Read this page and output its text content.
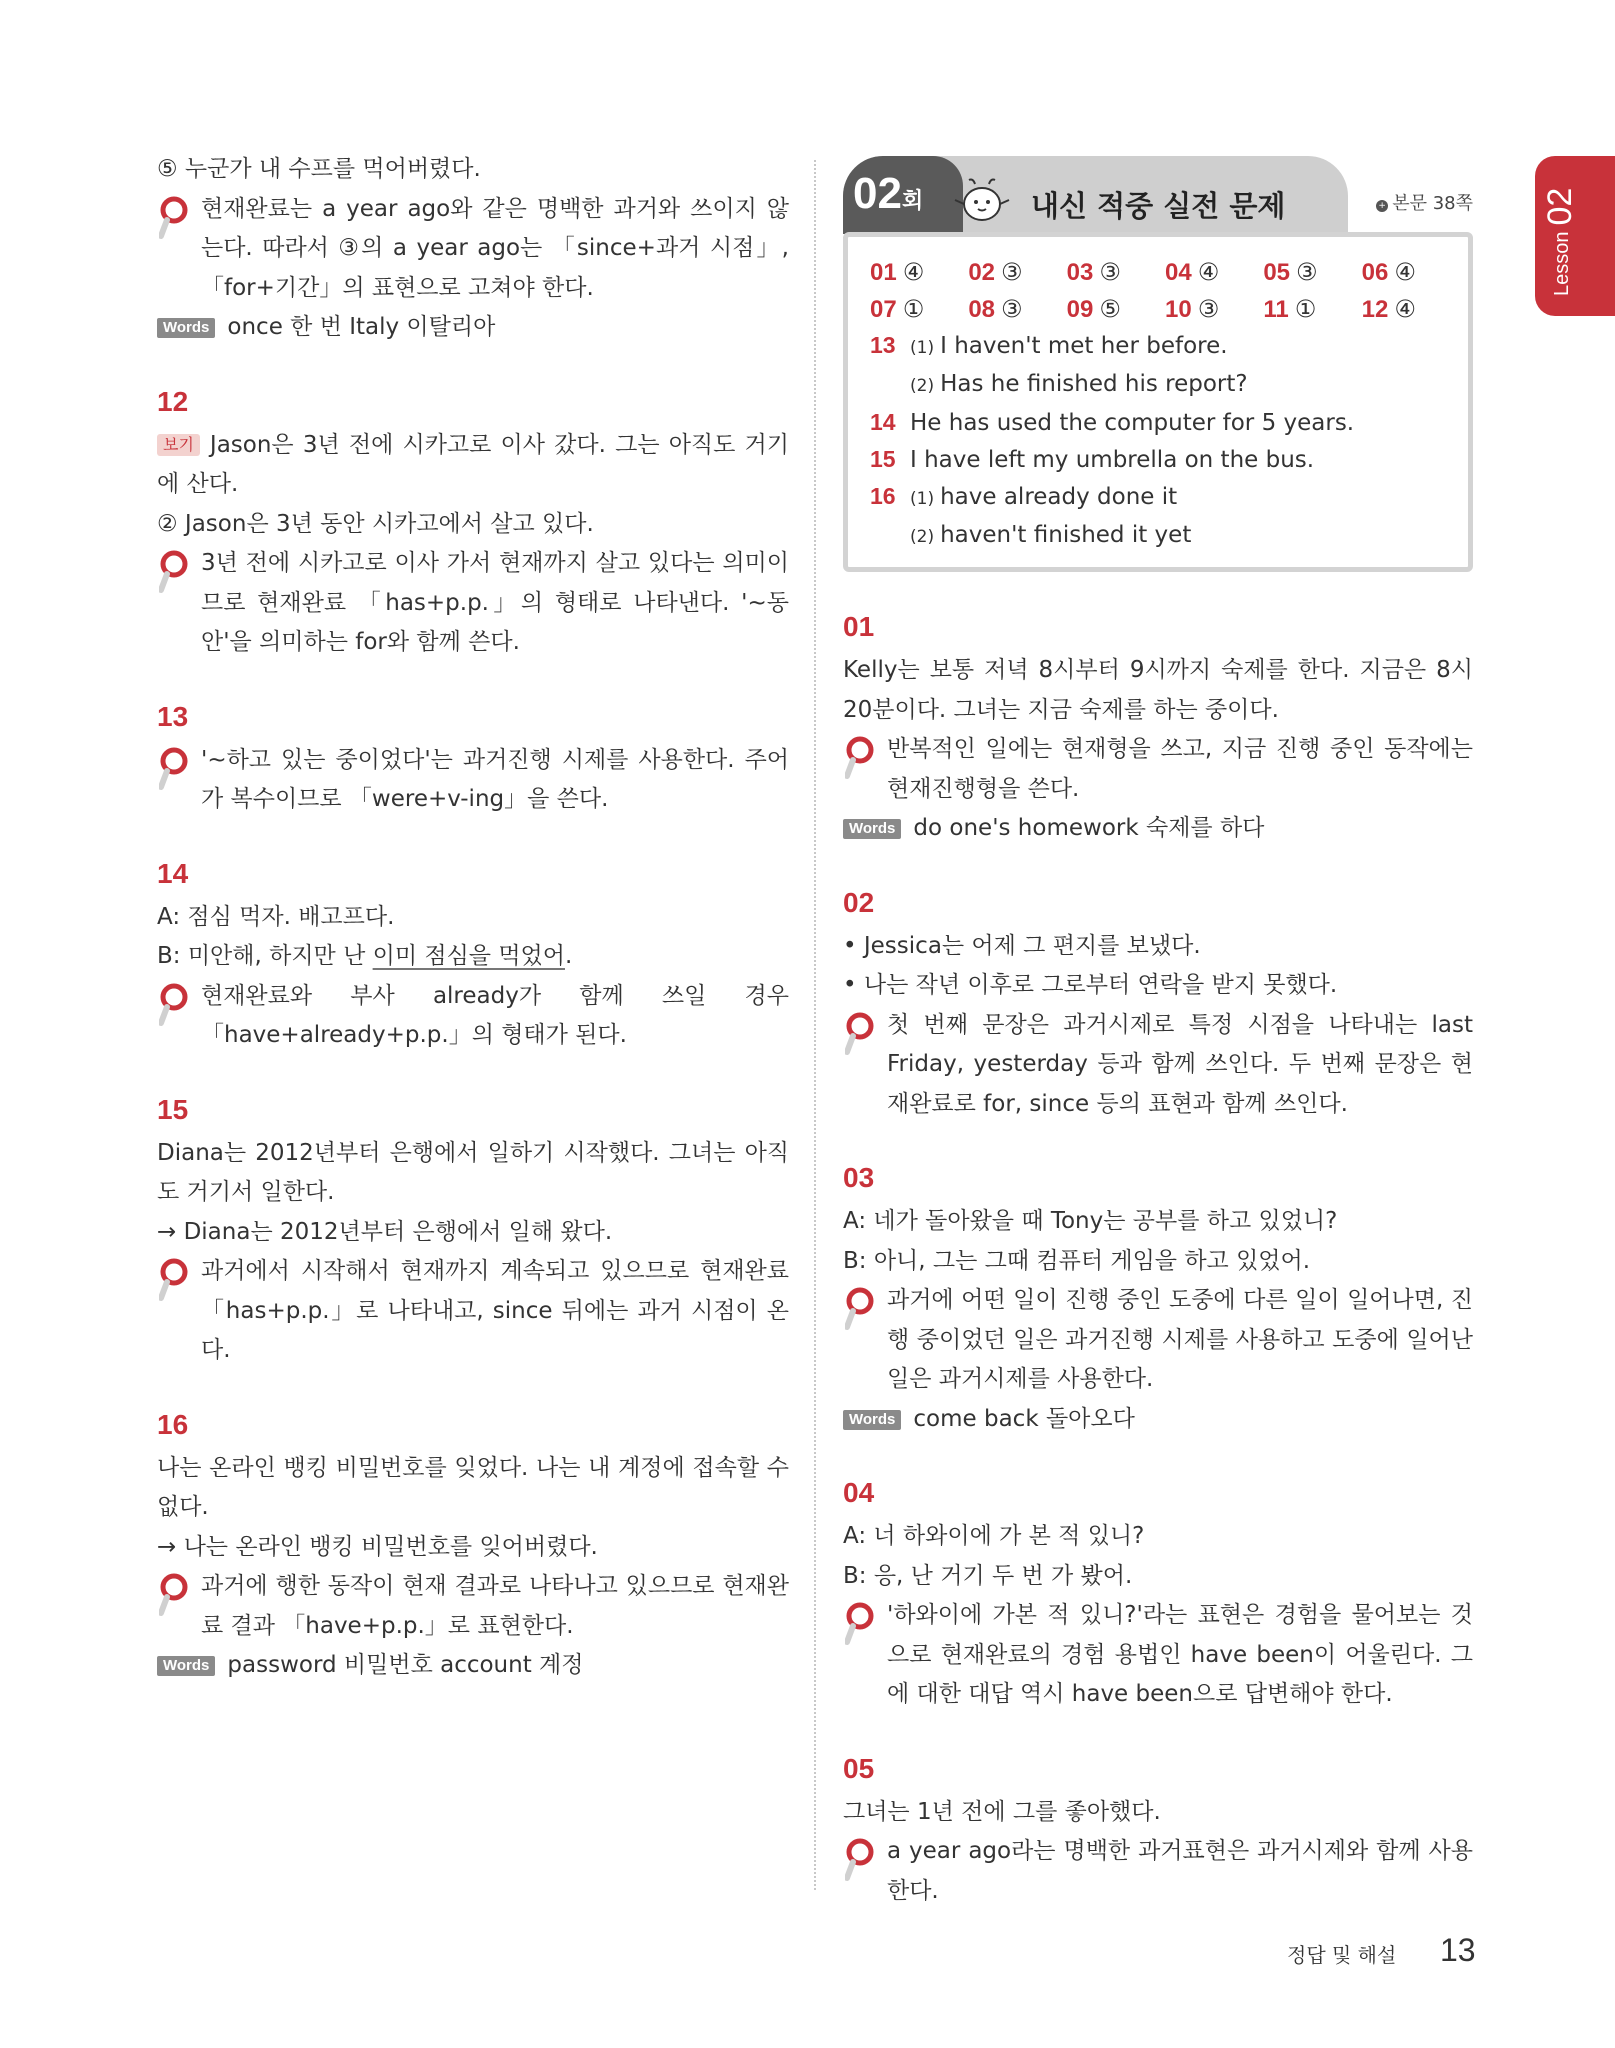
Lesson02

⑤ 누군가 내 수프를 먹어버렸다.

현재완료는 a year ago와 같은 명백한 과거와 쓰이지 않는다. 따라서 ③의 a year ago는 「since+과거 시점」, 「for+기간」의 표현으로 고쳐야 한다.

Words once 한 번 Italy 이탈리아

12

보기 Jason은 3년 전에 시카고로 이사 갔다. 그는 아직도 거기에 산다.

② Jason은 3년 동안 시카고에서 살고 있다.

3년 전에 시카고로 이사 가서 현재까지 살고 있다는 의미이므로 현재완료 「has+p.p.」의 형태로 나타낸다. '~동안'을 의미하는 for와 함께 쓴다.

13

'~하고 있는 중이었다'는 과거진행 시제를 사용한다. 주어가 복수이므로 「were+v-ing」을 쓴다.

14

A: 점심 먹자. 배고프다.

B: 미안해, 하지만 난 이미 점심을 먹었어.

현재완료와 부사 already가 함께 쓰일 경우 「have+already+p.p.」의 형태가 된다.

15

Diana는 2012년부터 은행에서 일하기 시작했다. 그녀는 아직도 거기서 일한다.

→ Diana는 2012년부터 은행에서 일해 왔다.

과거에서 시작해서 현재까지 계속되고 있으므로 현재완료 「has+p.p.」로 나타내고, since 뒤에는 과거 시점이 온다.

16

나는 온라인 뱅킹 비밀번호를 잊었다. 나는 내 계정에 접속할 수 없다.

→ 나는 온라인 뱅킹 비밀번호를 잊어버렸다.

과거에 행한 동작이 현재 결과로 나타나고 있으므로 현재완료 결과 「have+p.p.」로 표현한다.

Words password 비밀번호 account 계정

02회	내신 적중 실전 문제	+ 본문 38쪽
01 ④	02 ③	03 ③	04 ④	05 ③	06 ④
07 ①	08 ③	09 ⑤	10 ③	11 ①	12 ④
13 (1) I haven't met her before.
(2) Has he finished his report?
14 He has used the computer for 5 years.
15 I have left my umbrella on the bus.
16 (1) have already done it
(2) haven't finished it yet

01

Kelly는 보통 저녁 8시부터 9시까지 숙제를 한다. 지금은 8시 20분이다. 그녀는 지금 숙제를 하는 중이다.

반복적인 일에는 현재형을 쓰고, 지금 진행 중인 동작에는 현재진행형을 쓴다.

Words do one's homework 숙제를 하다

02

• Jessica는 어제 그 편지를 보냈다.

• 나는 작년 이후로 그로부터 연락을 받지 못했다.

첫 번째 문장은 과거시제로 특정 시점을 나타내는 last Friday, yesterday 등과 함께 쓰인다. 두 번째 문장은 현재완료로 for, since 등의 표현과 함께 쓰인다.

03

A: 네가 돌아왔을 때 Tony는 공부를 하고 있었니?

B: 아니, 그는 그때 컴퓨터 게임을 하고 있었어.

과거에 어떤 일이 진행 중인 도중에 다른 일이 일어나면, 진행 중이었던 일은 과거진행 시제를 사용하고 도중에 일어난 일은 과거시제를 사용한다.

Words come back 돌아오다

04

A: 너 하와이에 가 본 적 있니?

B: 응, 난 거기 두 번 가 봤어.

'하와이에 가본 적 있니?'라는 표현은 경험을 물어보는 것으로 현재완료의 경험 용법인 have been이 어울린다. 그에 대한 대답 역시 have been으로 답변해야 한다.

05

그녀는 1년 전에 그를 좋아했다.

a year ago라는 명백한 과거표현은 과거시제와 함께 사용한다.

정답 및 해설 13
